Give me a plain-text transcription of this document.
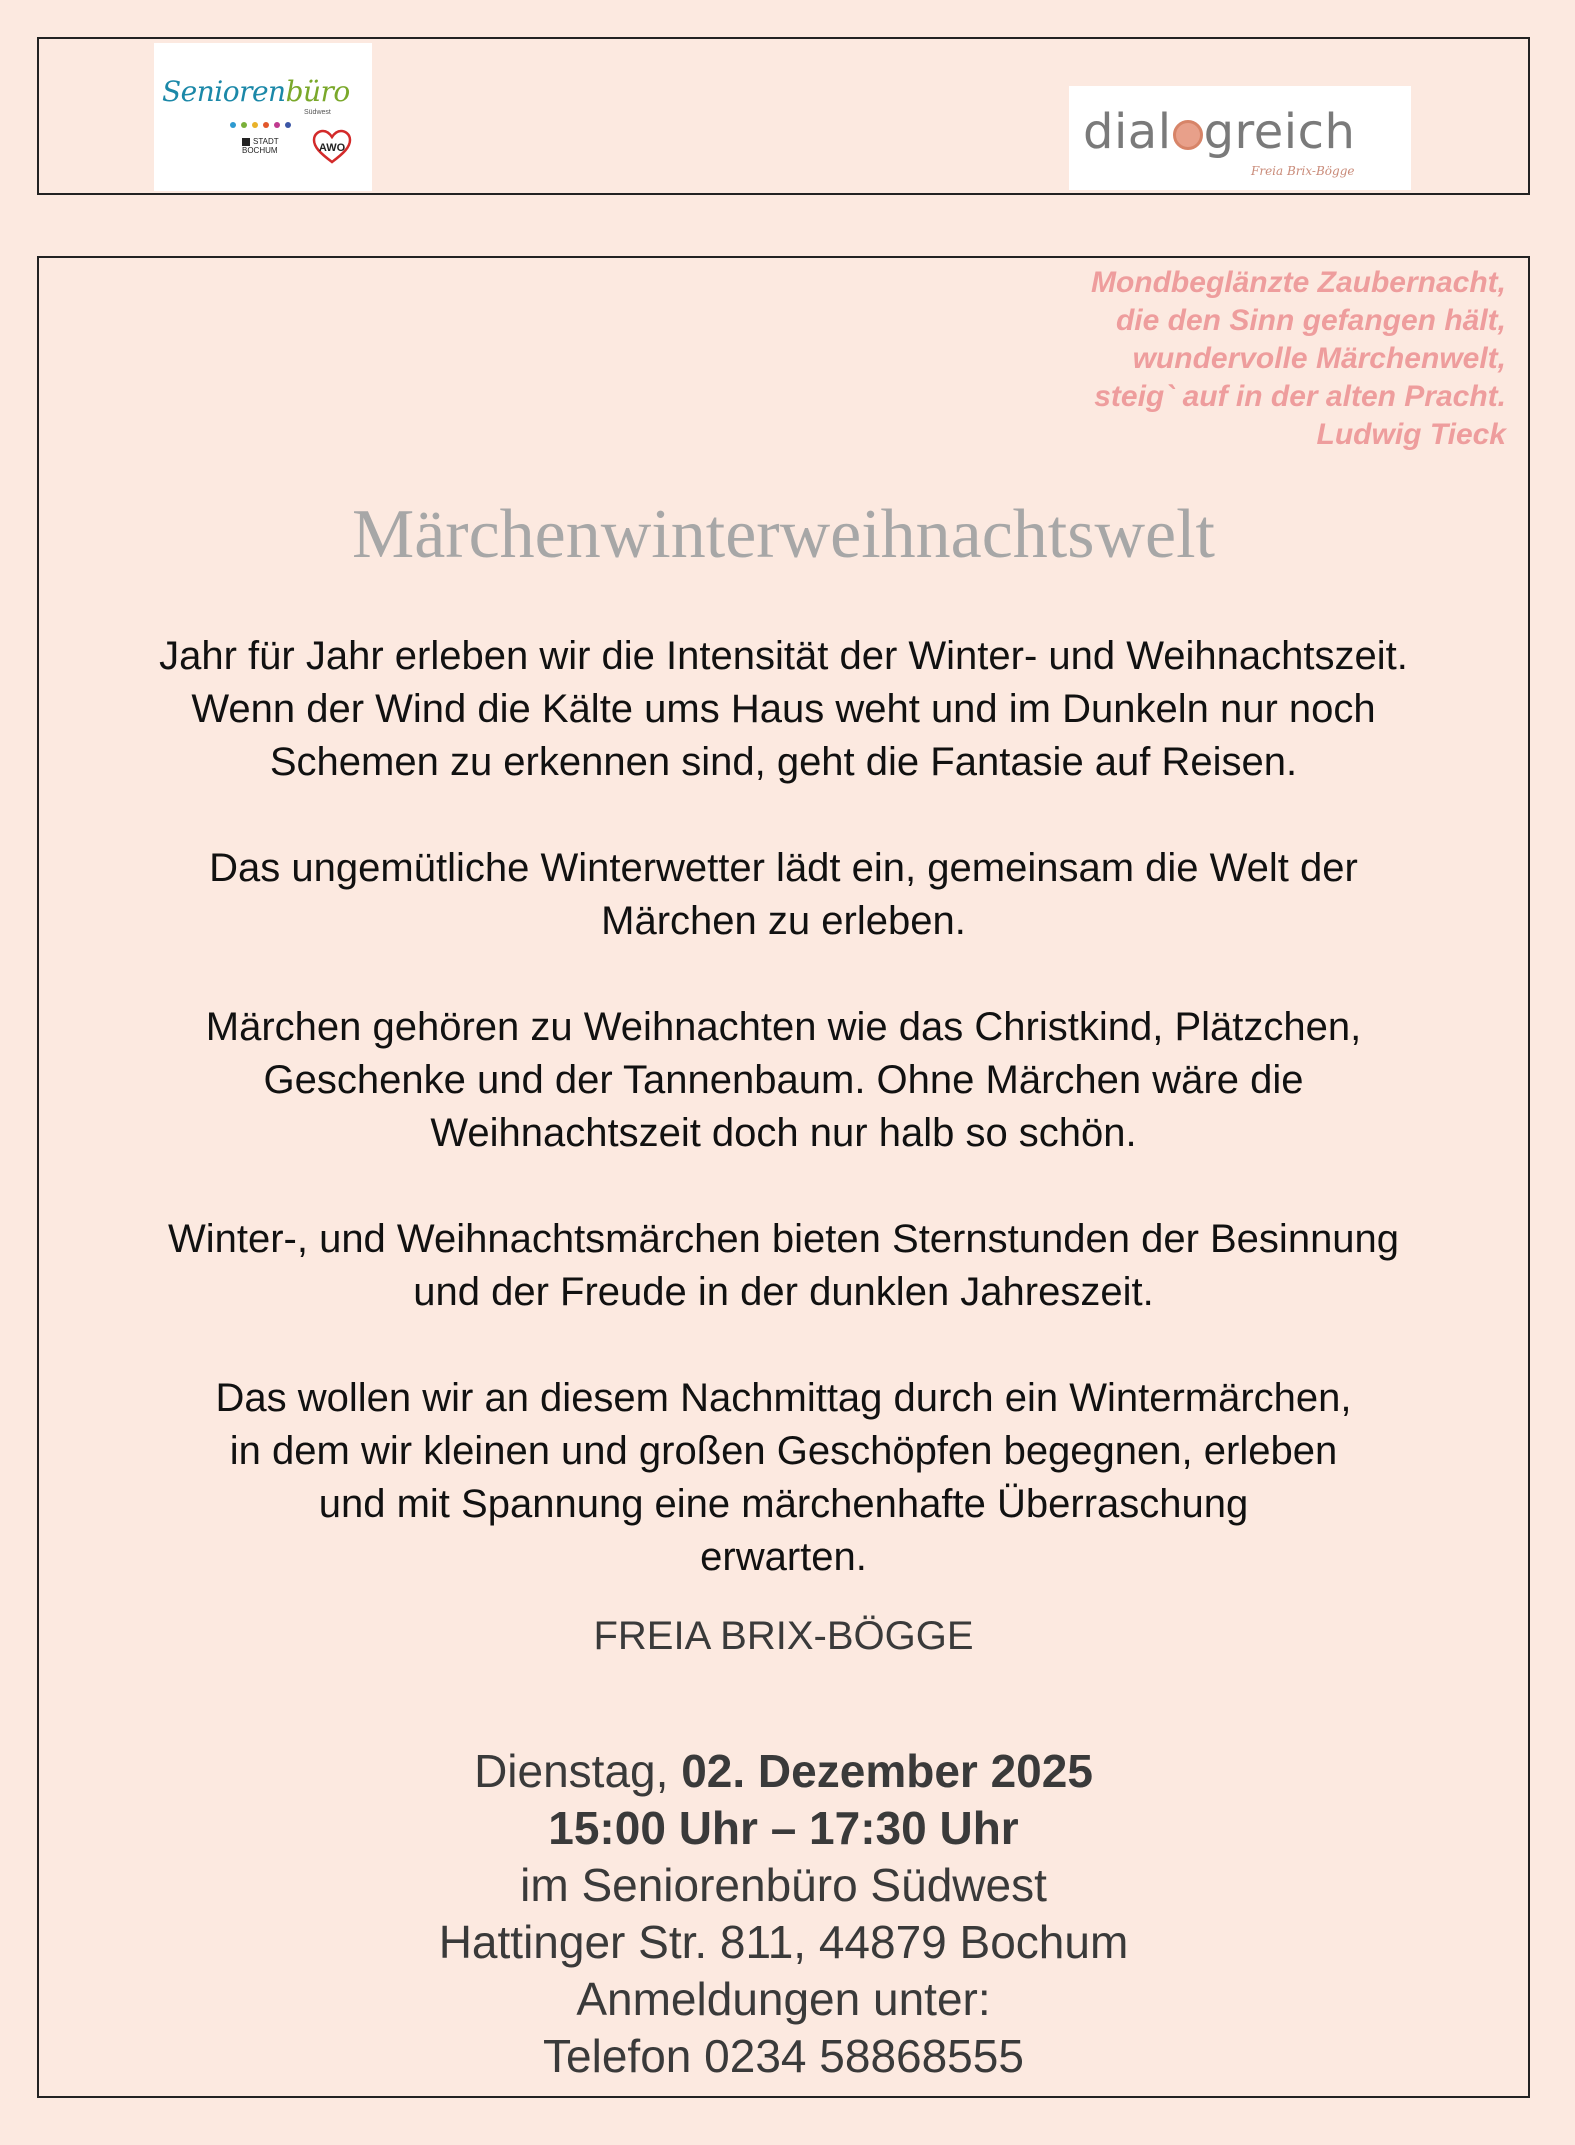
Seniorenbüro
Südwest
STADT
BOCHUM	AWO	dial greich
Freia Brix-Bögge
Mondbeglänzte Zaubernacht,
die den Sinn gefangen hält,
wundervolle Märchenwelt,
steig` auf in der alten Pracht.
Ludwig Tieck
Märchenwinterweihnachtswelt
Jahr für Jahr erleben wir die Intensität der Winter- und Weihnachtszeit.
Wenn der Wind die Kälte ums Haus weht und im Dunkeln nur noch
Schemen zu erkennen sind, geht die Fantasie auf Reisen.
Das ungemütliche Winterwetter lädt ein, gemeinsam die Welt der
Märchen zu erleben.
Märchen gehören zu Weihnachten wie das Christkind, Plätzchen,
Geschenke und der Tannenbaum. Ohne Märchen wäre die
Weihnachtszeit doch nur halb so schön.
Winter-, und Weihnachtsmärchen bieten Sternstunden der Besinnung
und der Freude in der dunklen Jahreszeit.
Das wollen wir an diesem Nachmittag durch ein Wintermärchen,
in dem wir kleinen und großen Geschöpfen begegnen, erleben
und mit Spannung eine märchenhafte Überraschung
erwarten.
FREIA BRIX-BÖGGE
Dienstag, 02. Dezember 2025
15:00 Uhr – 17:30 Uhr
im Seniorenbüro Südwest
Hattinger Str. 811, 44879 Bochum
Anmeldungen unter:
Telefon 0234 58868555
